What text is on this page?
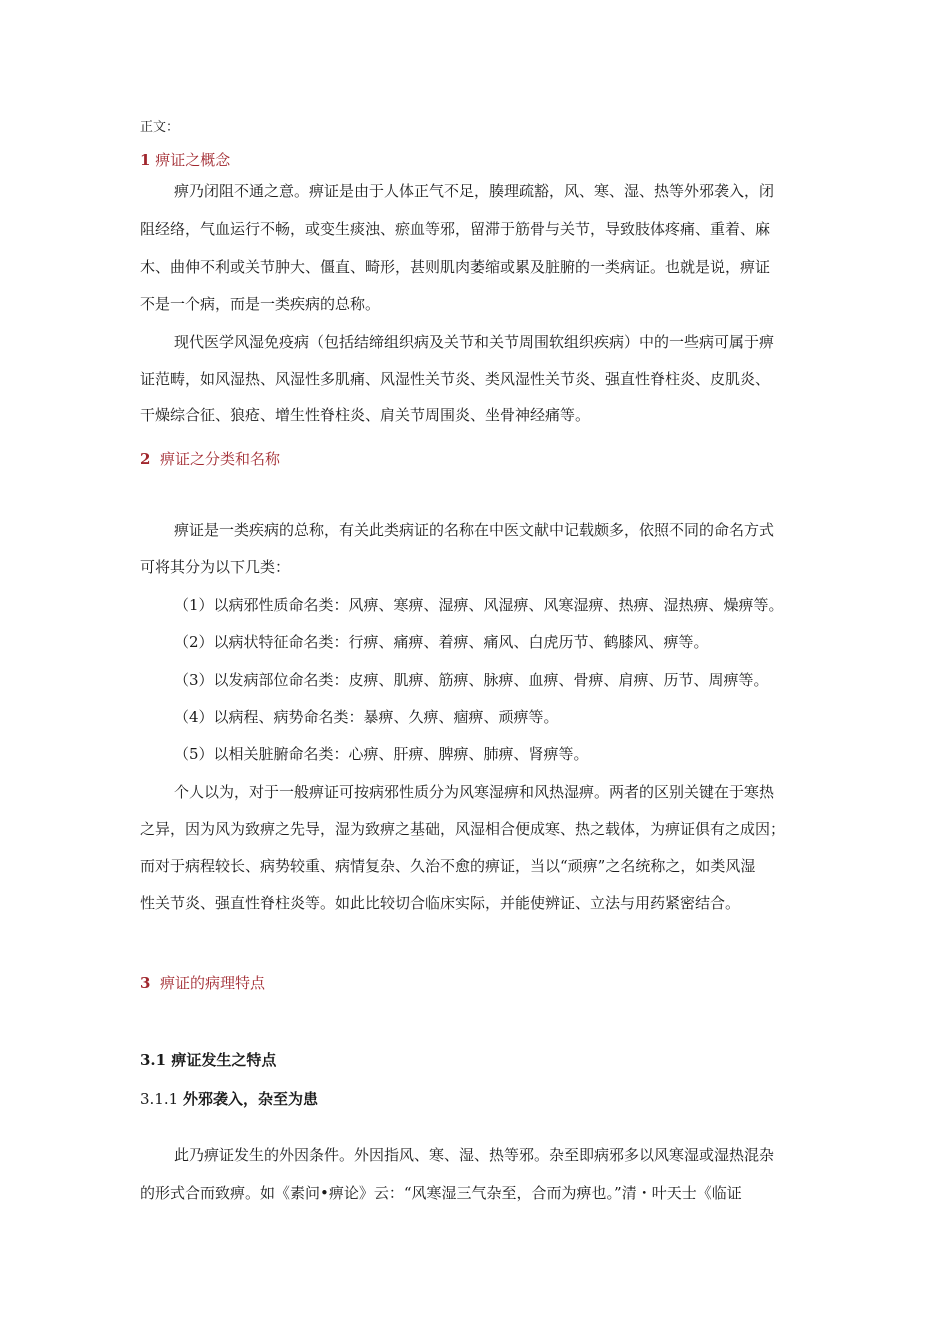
正文：
1 痹证之概念
痹乃闭阻不通之意。痹证是由于人体正气不足，腠理疏豁，风、寒、湿、热等外邪袭入，闭
阻经络，气血运行不畅，或变生痰浊、瘀血等邪，留滞于筋骨与关节，导致肢体疼痛、重着、麻
木、曲伸不利或关节肿大、僵直、畸形，甚则肌肉萎缩或累及脏腑的一类病证。也就是说，痹证
不是一个病，而是一类疾病的总称。
现代医学风湿免疫病（包括结缔组织病及关节和关节周围软组织疾病）中的一些病可属于痹
证范畴，如风湿热、风湿性多肌痛、风湿性关节炎、类风湿性关节炎、强直性脊柱炎、皮肌炎、
干燥综合征、狼疮、增生性脊柱炎、肩关节周围炎、坐骨神经痛等。
2 痹证之分类和名称
痹证是一类疾病的总称，有关此类病证的名称在中医文献中记载颇多，依照不同的命名方式
可将其分为以下几类：
（1）以病邪性质命名类：风痹、寒痹、湿痹、风湿痹、风寒湿痹、热痹、湿热痹、燥痹等。
（2）以病状特征命名类：行痹、痛痹、着痹、痛风、白虎历节、鹤膝风、痹等。
（3）以发病部位命名类：皮痹、肌痹、筋痹、脉痹、血痹、骨痹、肩痹、历节、周痹等。
（4）以病程、病势命名类：暴痹、久痹、痼痹、顽痹等。
（5）以相关脏腑命名类：心痹、肝痹、脾痹、肺痹、肾痹等。
个人以为，对于一般痹证可按病邪性质分为风寒湿痹和风热湿痹。两者的区别关键在于寒热
之异，因为风为致痹之先导，湿为致痹之基础，风湿相合便成寒、热之载体，为痹证俱有之成因；
而对于病程较长、病势较重、病情复杂、久治不愈的痹证，当以“顽痹”之名统称之，如类风湿
性关节炎、强直性脊柱炎等。如此比较切合临床实际，并能使辨证、立法与用药紧密结合。
3 痹证的病理特点
3.1 痹证发生之特点
3.1.1 外邪袭入，杂至为患
此乃痹证发生的外因条件。外因指风、寒、湿、热等邪。杂至即病邪多以风寒湿或湿热混杂
的形式合而致痹。如《素问•痹论》云：“风寒湿三气杂至，合而为痹也。”清・叶天士《临证
